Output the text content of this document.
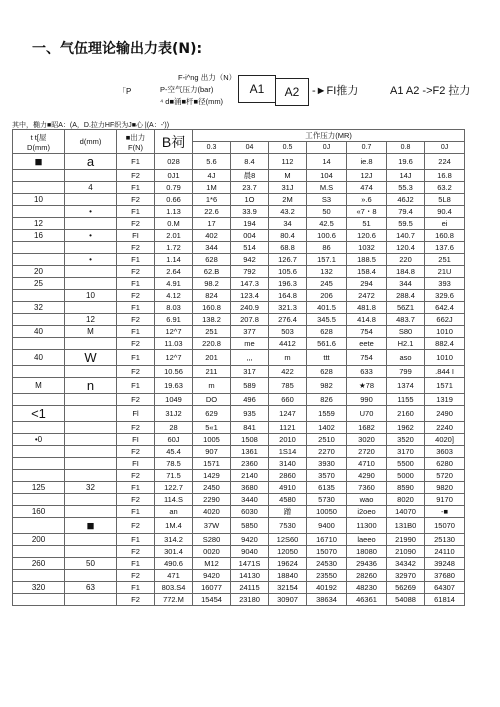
一、气伍理论输出力表(N):
「P
F-i^ng 出力（N）
P-空气压力(bar)
⁴ d■涌■杆■径(mm)
A1	A2	-►FI推力	A1 A2 ->F2 拉力
其中，椭力■昭A：(A，D.拉力HF织为J■心 |(A：-'))
t t[屋
D(mm)	d(mm)	■出力
F(N)	B祠	工作压力(MR)						
				0.3	04	0.5	0J	0.7	0.8	0J
■	a	F1	028	5.6	8.4	112	14	ie.8	19.6	224
		F2	0J1	4J	晨8	M	104	12J	14J	16.8
	4	F1	0.79	1M	23.7	31J	M.S	474	55.3	63.2
10		F2	0.66	1*6	1O	2M	S3	».6	46J2	5L8
	•	F1	1.13	22.6	33.9	43.2	50	«7・8	79.4	90.4
12		F2	0.M	17	194	34	42.5	51	59.5	ei
16	•	FI	2.01	402	004	80.4	100.6	120.6	140.7	160.8
		F2	1.72	344	514	68.8	86	1032	120.4	137.6
	•	F1	1.14	628	942	126.7	157.1	188.5	220	251
20		F2	2.64	62.B	792	105.6	132	158.4	184.8	21U
25		F1	4.91	98.2	147.3	196.3	245	294	344	393
	10	F2	4.12	824	123.4	164.8	206	2472	288.4	329.6
32		F1	8.03	160.8	240.9	321.3	401.5	481.8	56Z1	642.4
	12	F2	6.91	138.2	207.8	276.4	345.5	414.8	483.7	662J
40	M	F1	12^7	251	377	503	628	754	S80	1010
		F2	11.03	220.8	me	4412	561.6	eete	H2.1	882.4
40	W	F1	12^7	201	,,,	m	ttt	754	aso	1010
		F2	10.56	211	317	422	628	633	799	.844 I
M	n	F1	19.63	m	589	785	982	★78	1374	1571
		F2	1049	DO	496	660	826	990	1155	1319
<1		Fl	31J2	629	935	1247	1559	U70	2160	2490
		F2	28	5«1	841	1121	1402	1682	1962	2240
•0		FI	60J	1005	1508	2010	2510	3020	3520	4020]
		F2	45.4	907	1361	1S14	2270	2720	3170	3603
		FI	78.5	1571	2360	3140	3930	4710	5500	6280
		F2	71.5	1429	2140	2860	3570	4290	5000	5720
125	32	F1	122.7	2450	3680	4910	6135	7360	8590	9820
		F2	114.S	2290	3440	4580	5730	wao	8020	9170
160		F1	an	4020	6030	蹭	10050	i2oeo	14070	-■
	■	F2	1M.4	37W	5850	7530	9400	11300	131B0	15070
200		F1	314.2	S280	9420	12S60	16710	laeeo	21990	25130
		F2	301.4	0020	9040	12050	15070	18080	21090	24110
260	50	F1	490.6	M12	1471S	19624	24530	29436	34342	39248
		F2	471	9420	14130	18840	23550	28260	32970	37680
320	63	F1	803.S4	16077	24115	32154	40192	48230	56269	64307
		F2	772.M	15454	23180	30907	38634	46361	54088	61814
